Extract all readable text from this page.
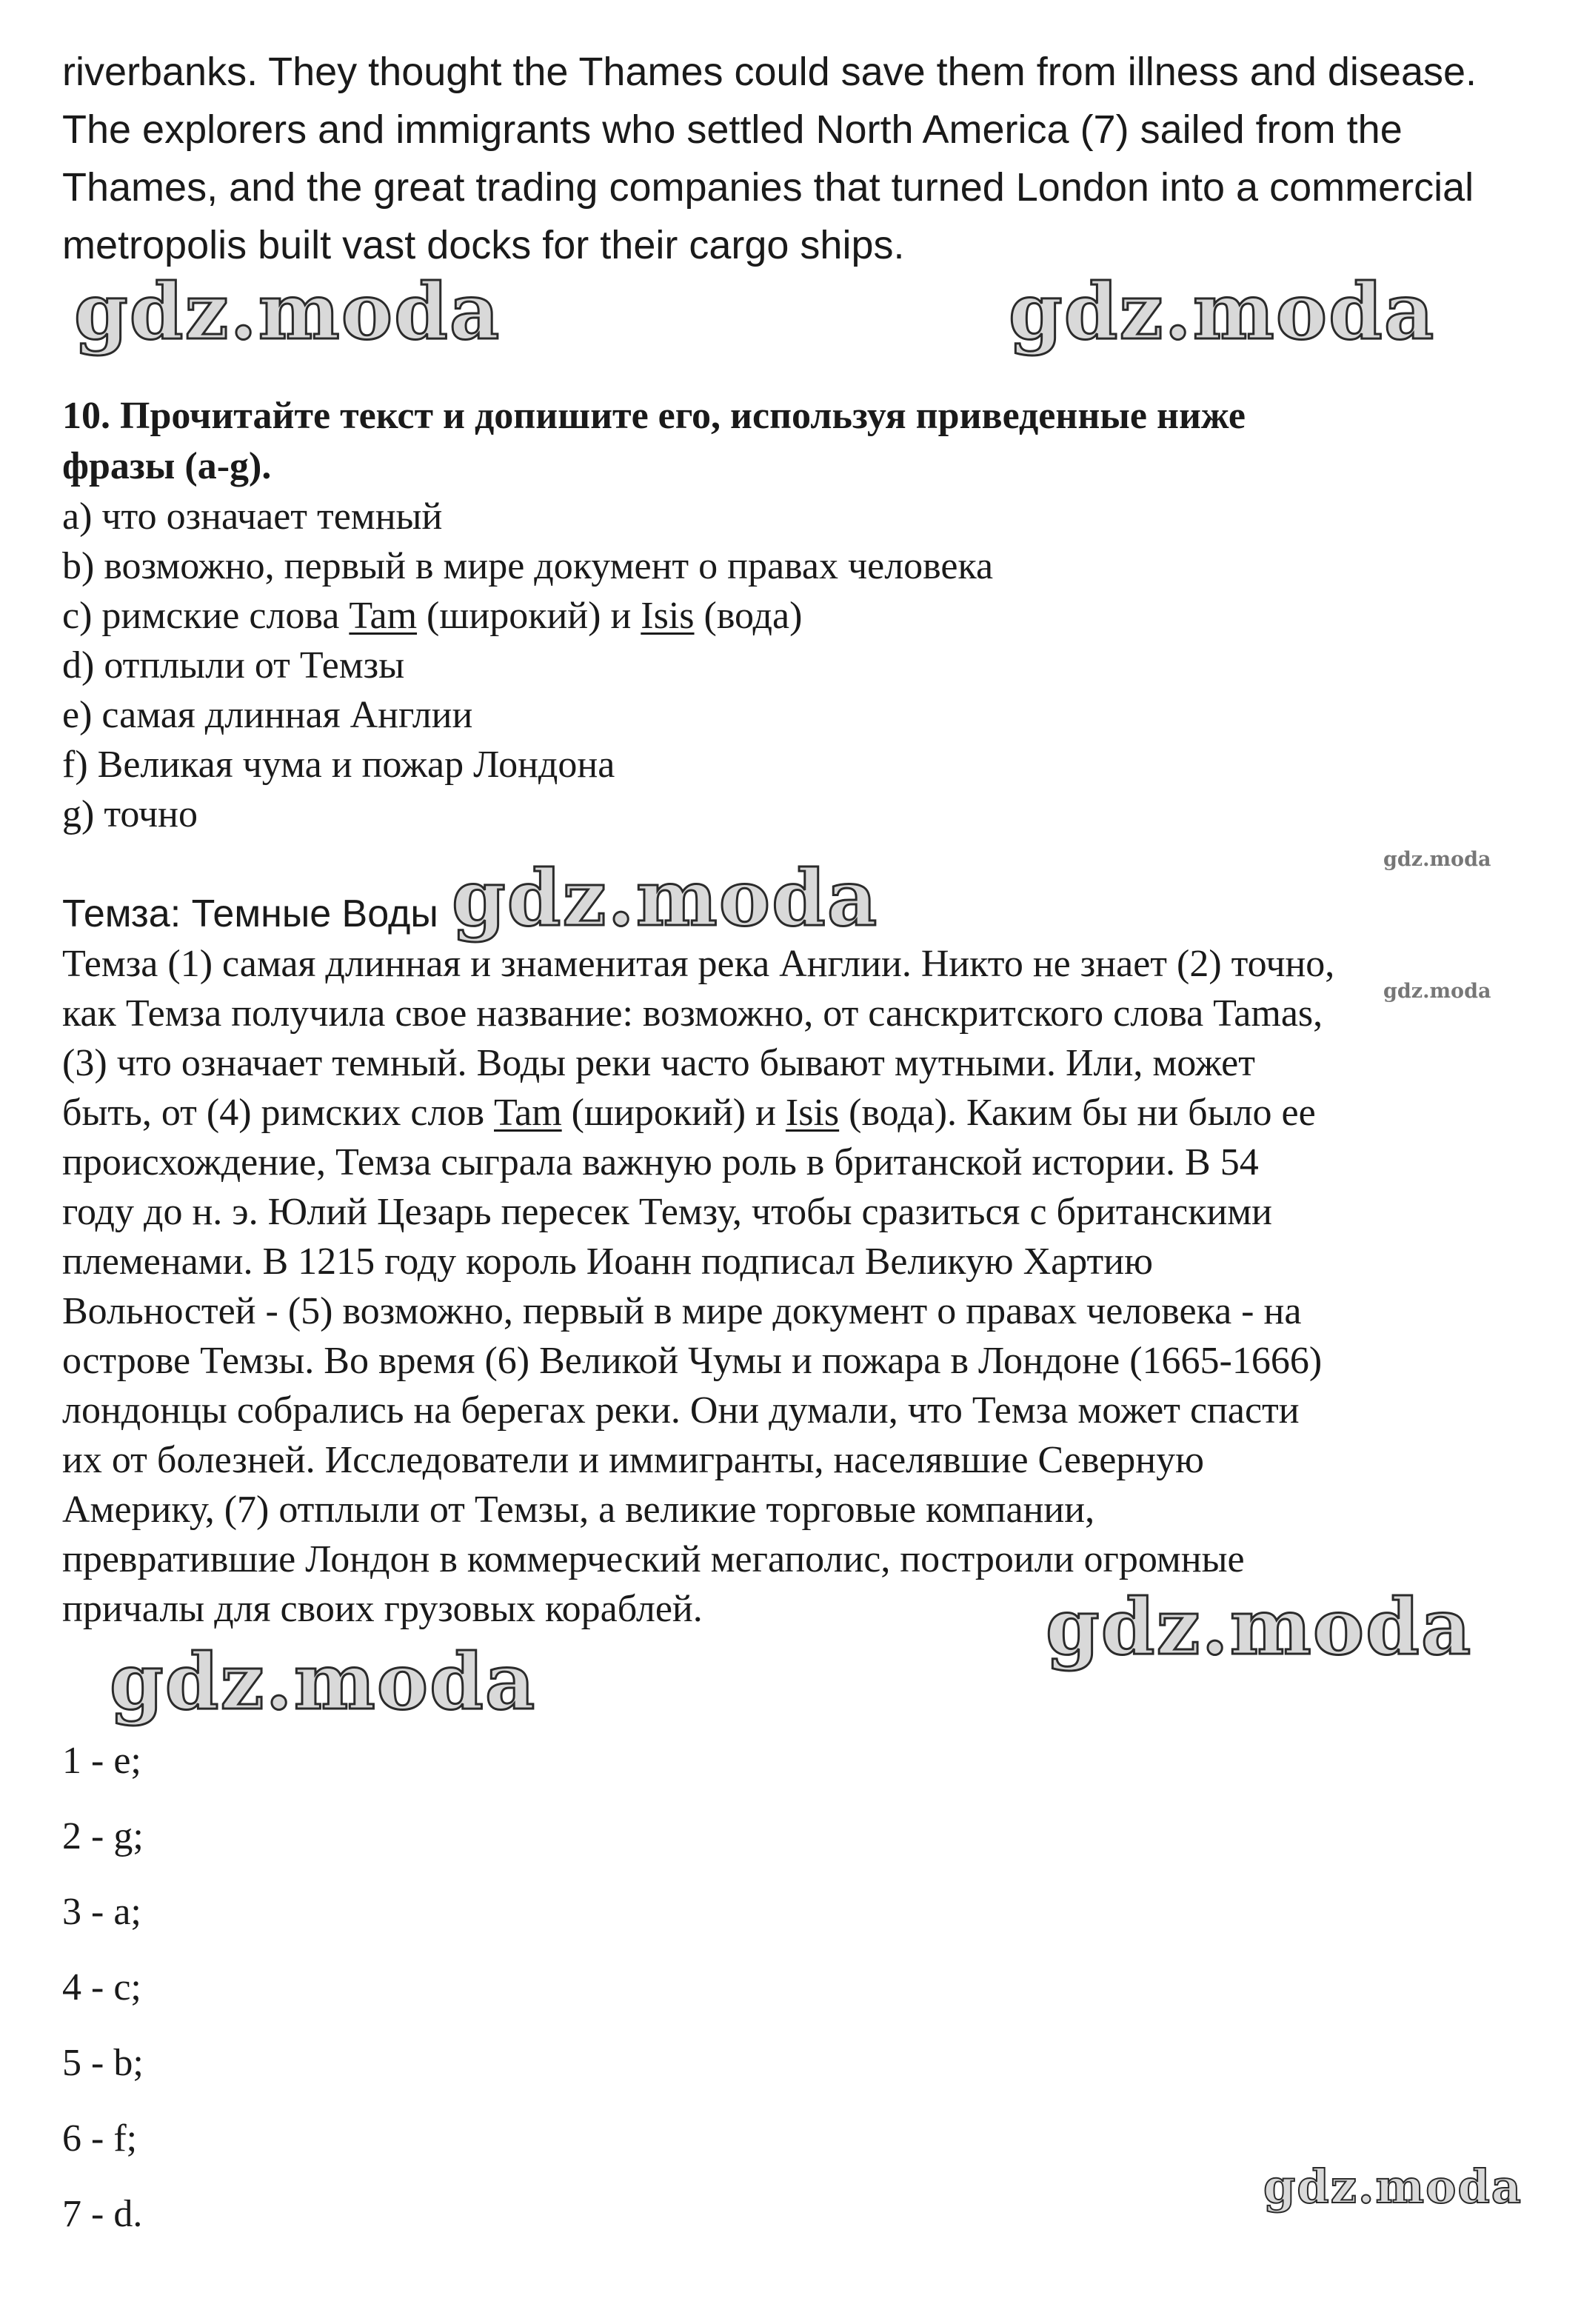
riverbanks. They thought the Thames could save them from illness and disease.
The explorers and immigrants who settled North America (7) sailed from the
Thames, and the great trading companies that turned London into a commercial
metropolis built vast docks for their cargo ships.
gdz.moda	gdz.moda
10. Прочитайте текст и допишите его, используя приведенные ниже
фразы (a-g).
а) что означает темный
b) возможно, первый в мире документ о правах человека
с) римские слова Tam (широкий) и Isis (вода)
d) отплыли от Темзы
е) самая длинная Англии
f) Великая чума и пожар Лондона
g) точно
gdz.moda
Темза: Темные Воды gdz.moda
gdz.moda
Темза (1) самая длинная и знаменитая река Англии. Никто не знает (2) точно,
как Темза получила свое название: возможно, от санскритского слова Tamas,
(3) что означает темный. Воды реки часто бывают мутными. Или, может
быть, от (4) римских слов Tam (широкий) и Isis (вода). Каким бы ни было ее
происхождение, Темза сыграла важную роль в британской истории. В 54
году до н. э. Юлий Цезарь пересек Темзу, чтобы сразиться с британскими
племенами. В 1215 году король Иоанн подписал Великую Хартию
Вольностей - (5) возможно, первый в мире документ о правах человека - на
острове Темзы. Во время (6) Великой Чумы и пожара в Лондоне (1665-1666)
лондонцы собрались на берегах реки. Они думали, что Темза может спасти
их от болезней. Исследователи и иммигранты, населявшие Северную
Америку, (7) отплыли от Темзы, а великие торговые компании,
превратившие Лондон в коммерческий мегаполис, построили огромные
причалы для своих грузовых кораблей.	gdz.moda
gdz.moda
1 - e;
2 - g;
3 - a;
4 - c;
5 - b;
6 - f;
7 - d.
gdz.moda
